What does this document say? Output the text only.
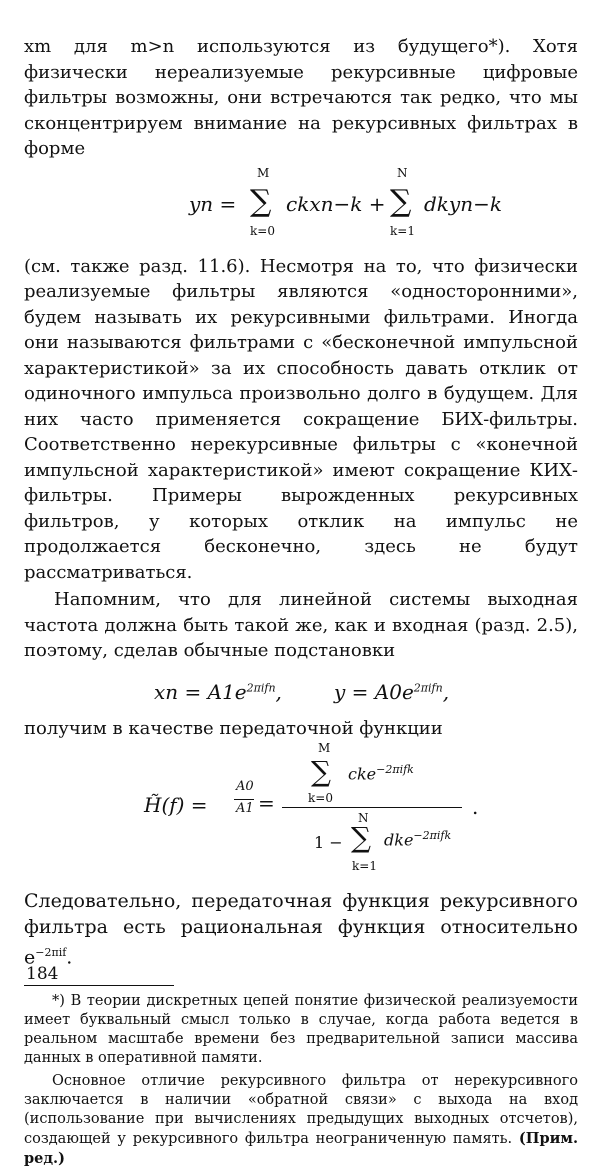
xm для m>n используются из будущего*). Хотя физически нереализуемые рекурсивные цифровые фильтры возможны, они встречаются так редко, что мы сконцентрируем внимание на рекурсивных фильтрах в форме

yn =
M
∑
k=0
ckxn−k +
N
∑
k=1
dkyn−k

(см. также разд. 11.6). Несмотря на то, что физически реализуемые фильтры являются «односторонними», будем называть их рекурсивными фильтрами. Иногда они называются фильтрами с «бесконечной импульсной характеристикой» за их способность давать отклик от одиночного импульса произвольно долго в будущем. Для них часто применяется сокращение БИХ-фильтры. Соответственно нерекурсивные фильтры с «конечной импульсной характеристикой» имеют сокращение КИХ-фильтры. Примеры вырожденных рекурсивных фильтров, у которых отклик на импульс не продолжается бесконечно, здесь не будут рассматриваться.

Напомним, что для линейной системы выходная частота должна быть такой же, как и входная (разд. 2.5), поэтому, сделав обычные подстановки

xn = $A1e^{2\pi ifn}$,	$y = A0e^{2\pi ifn}$,

получим в качестве передаточной функции

H̃(f) =
A0
A1 =
M
∑
k=0
cke$^{-2\pi ifk}$
N
1 − ∑
k=1
dke$^{-2\pi ifk}$
.

Следовательно, передаточная функция рекурсивного фильтра есть рациональная функция относительно $e^{-2\pi if}$.

*) В теории дискретных цепей понятие физической реализуемости имеет буквальный смысл только в случае, когда работа ведется в реальном масштабе времени без предварительной записи массива данных в оперативной памяти.

Основное отличие рекурсивного фильтра от нерекурсивного заключается в наличии «обратной связи» с выхода на вход (использование при вычислениях предыдущих выходных отсчетов), создающей у рекурсивного фильтра неограниченную память. (Прим. ред.)

184
